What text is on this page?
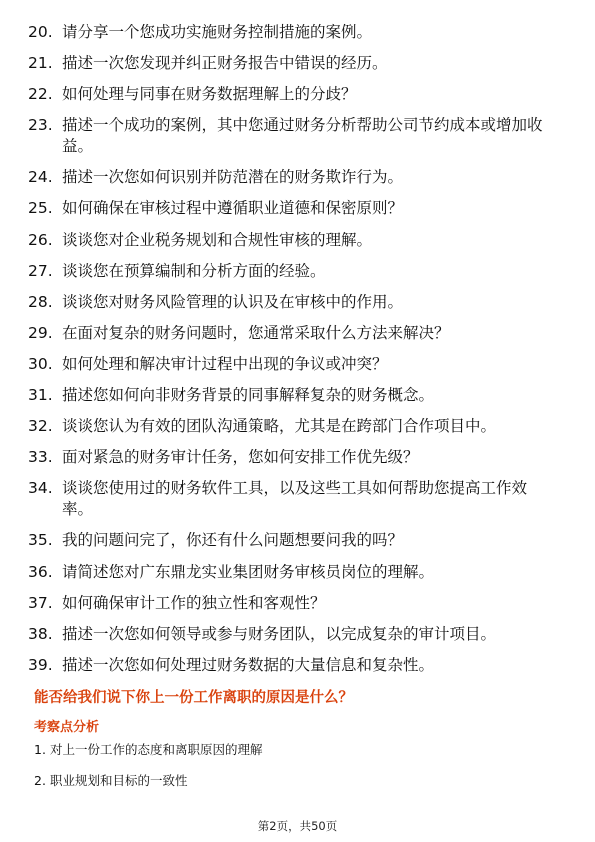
20. 请分享一个您成功实施财务控制措施的案例。
21. 描述一次您发现并纠正财务报告中错误的经历。
22. 如何处理与同事在财务数据理解上的分歧？
23. 描述一个成功的案例，其中您通过财务分析帮助公司节约成本或增加收益。
24. 描述一次您如何识别并防范潜在的财务欺诈行为。
25. 如何确保在审核过程中遵循职业道德和保密原则？
26. 谈谈您对企业税务规划和合规性审核的理解。
27. 谈谈您在预算编制和分析方面的经验。
28. 谈谈您对财务风险管理的认识及在审核中的作用。
29. 在面对复杂的财务问题时，您通常采取什么方法来解决？
30. 如何处理和解决审计过程中出现的争议或冲突？
31. 描述您如何向非财务背景的同事解释复杂的财务概念。
32. 谈谈您认为有效的团队沟通策略，尤其是在跨部门合作项目中。
33. 面对紧急的财务审计任务，您如何安排工作优先级？
34. 谈谈您使用过的财务软件工具，以及这些工具如何帮助您提高工作效率。
35. 我的问题问完了，你还有什么问题想要问我的吗？
36. 请简述您对广东鼎龙实业集团财务审核员岗位的理解。
37. 如何确保审计工作的独立性和客观性？
38. 描述一次您如何领导或参与财务团队，以完成复杂的审计项目。
39. 描述一次您如何处理过财务数据的大量信息和复杂性。
能否给我们说下你上一份工作离职的原因是什么？
考察点分析
1. 对上一份工作的态度和离职原因的理解
2. 职业规划和目标的一致性
第2页，共50页
